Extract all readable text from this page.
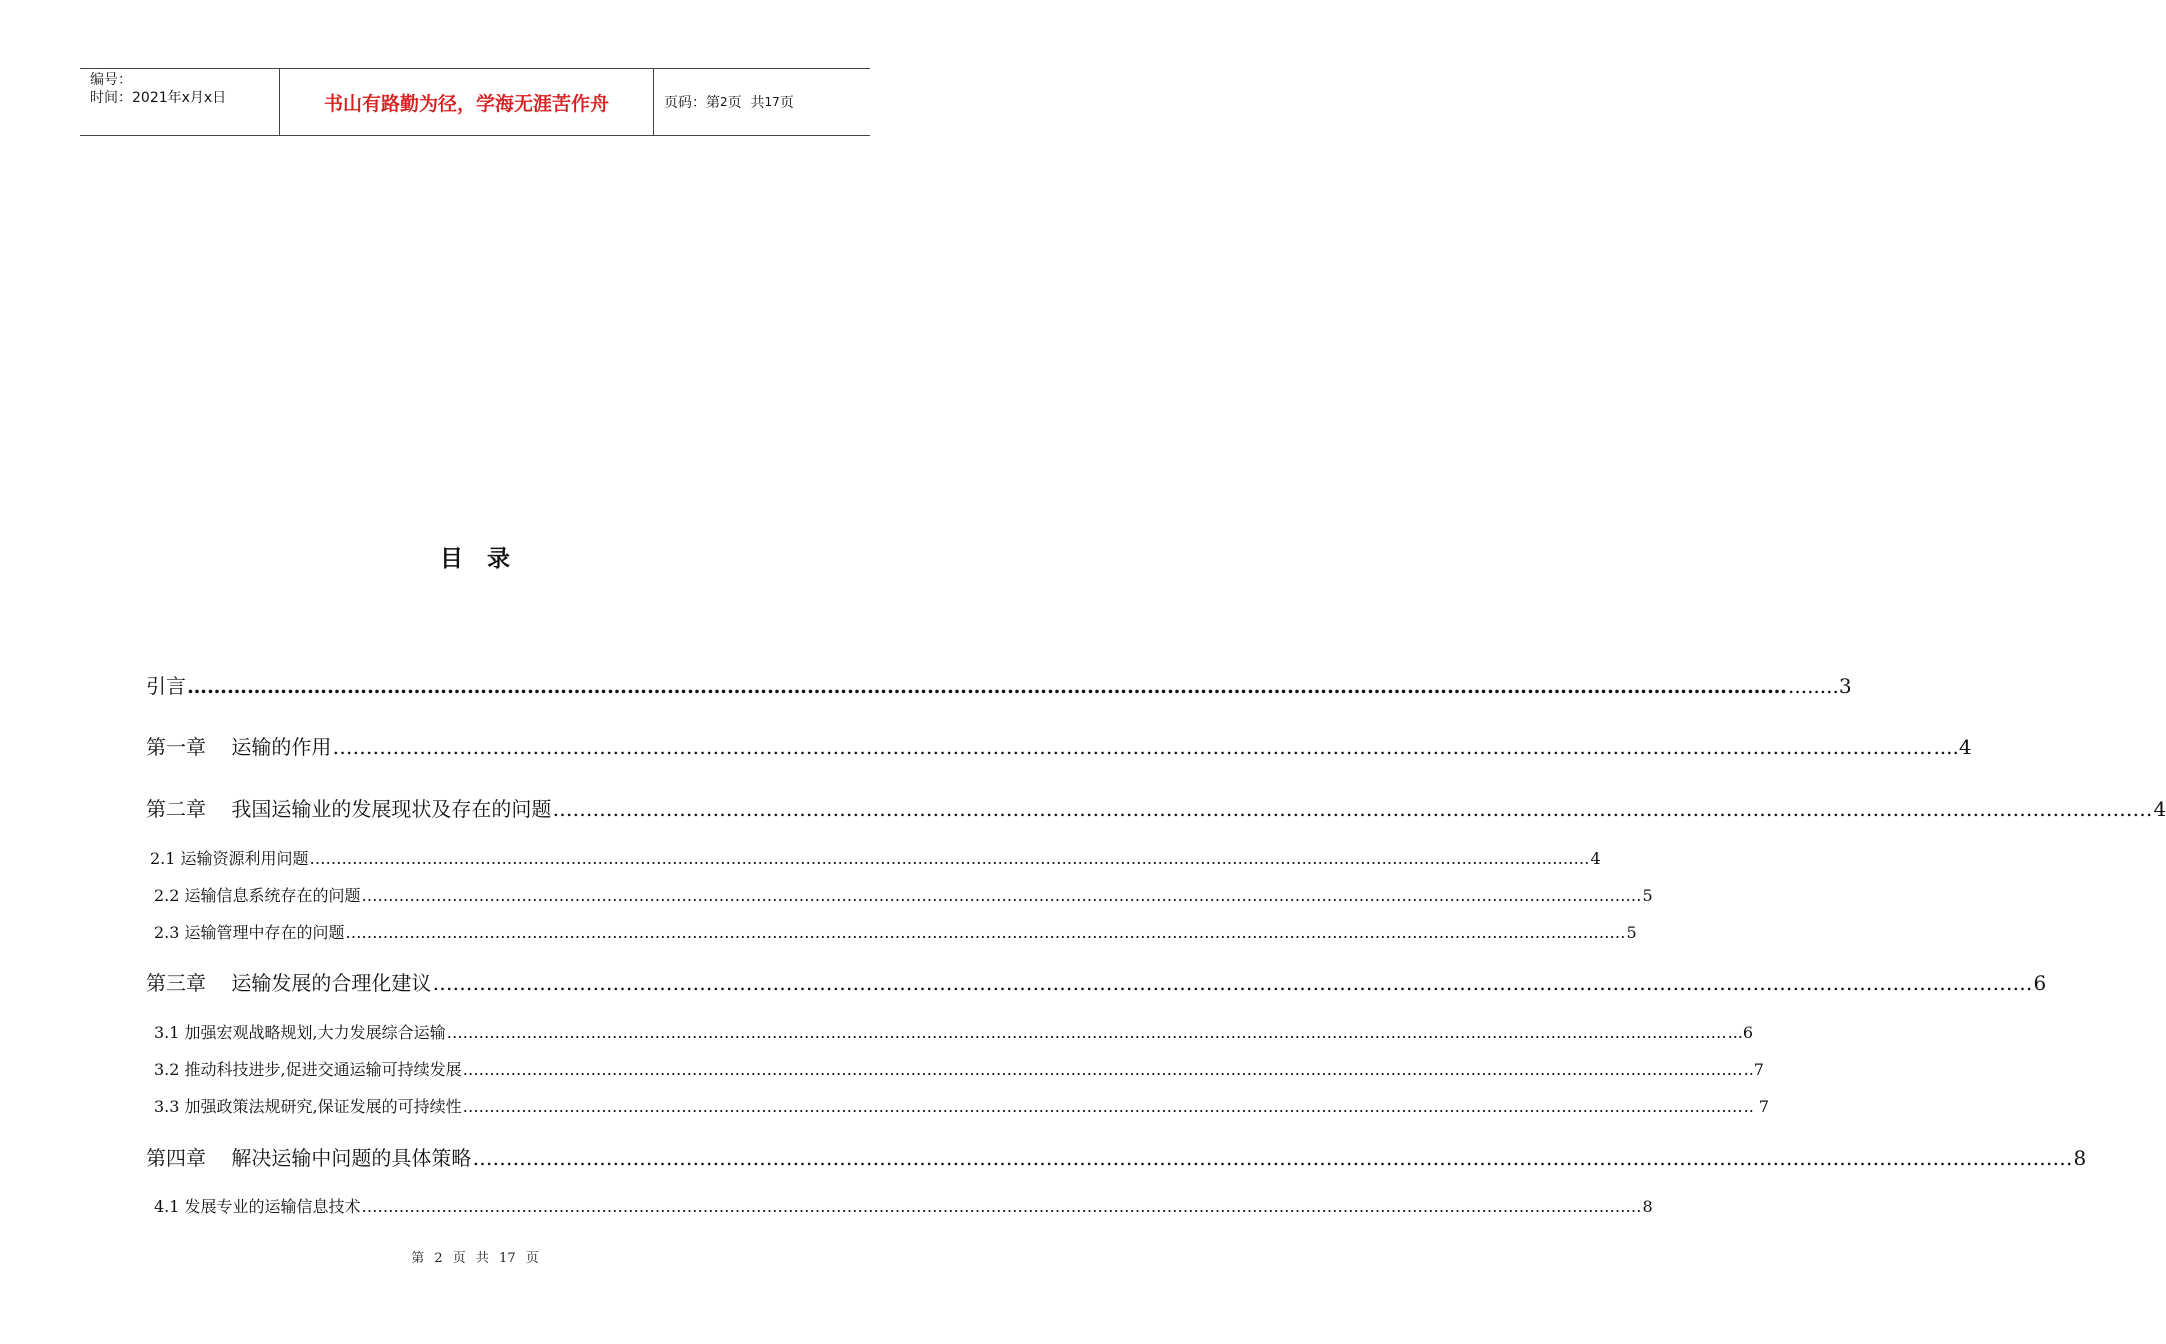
编号：
时间：2021年x月x日	书山有路勤为径，学海无涯苦作舟	页码：第 2 页  共 17 页
目录
引言 …………………………………………………………………………………………………………………………………………………………………………………………………………………… ........3
第一章    运输的作用 …………………………………………………………………………………………………………………………………………………………………………………………………………………… ....4
第二章    我国运输业的发展现状及存在的问题 …………………………………………………………………………………………………………………………………………………………………………………………………………………… 4
2.1 运输资源利用问题 …………………………………………………………………………………………………………………………………………………………………………………………………………………… 4
2.2 运输信息系统存在的问题 …………………………………………………………………………………………………………………………………………………………………………………………………………………… 5
2.3 运输管理中存在的问题 …………………………………………………………………………………………………………………………………………………………………………………………………………………… 5
第三章    运输发展的合理化建议 …………………………………………………………………………………………………………………………………………………………………………………………………………………… 6
3.1 加强宏观战略规划,大力发展综合运输 …………………………………………………………………………………………………………………………………………………………………………………………………………………… ...6
3.2 推动科技进步,促进交通运输可持续发展 …………………………………………………………………………………………………………………………………………………………………………………………………………………… ..7
3.3 加强政策法规研究,保证发展的可持续性 …………………………………………………………………………………………………………………………………………………………………………………………………………………… .. 7
第四章    解决运输中问题的具体策略 …………………………………………………………………………………………………………………………………………………………………………………………………………………… 8
4.1 发展专业的运输信息技术 …………………………………………………………………………………………………………………………………………………………………………………………………………………… 8
第 2 页 共 17 页
